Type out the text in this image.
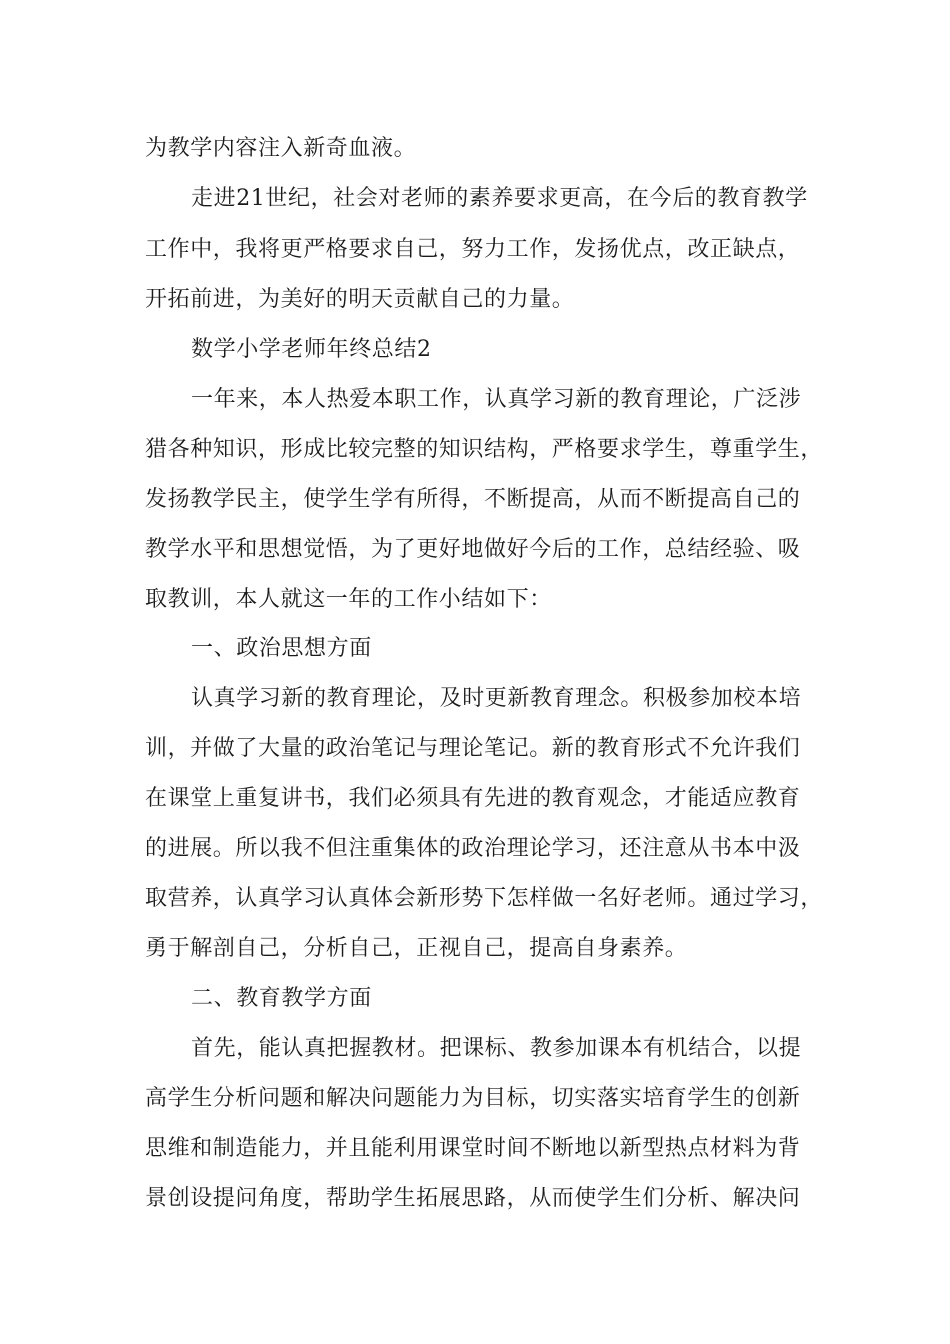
为教学内容注入新奇血液。
走进21世纪，社会对老师的素养要求更高，在今后的教育教学
工作中，我将更严格要求自己，努力工作，发扬优点，改正缺点，
开拓前进，为美好的明天贡献自己的力量。
数学小学老师年终总结2
一年来，本人热爱本职工作，认真学习新的教育理论，广泛涉
猎各种知识，形成比较完整的知识结构，严格要求学生，尊重学生，
发扬教学民主，使学生学有所得，不断提高，从而不断提高自己的
教学水平和思想觉悟，为了更好地做好今后的工作，总结经验、吸
取教训，本人就这一年的工作小结如下：
一、政治思想方面
认真学习新的教育理论，及时更新教育理念。积极参加校本培
训，并做了大量的政治笔记与理论笔记。新的教育形式不允许我们
在课堂上重复讲书，我们必须具有先进的教育观念，才能适应教育
的进展。所以我不但注重集体的政治理论学习，还注意从书本中汲
取营养，认真学习认真体会新形势下怎样做一名好老师。通过学习，
勇于解剖自己，分析自己，正视自己，提高自身素养。
二、教育教学方面
首先，能认真把握教材。把课标、教参加课本有机结合，以提
高学生分析问题和解决问题能力为目标，切实落实培育学生的创新
思维和制造能力，并且能利用课堂时间不断地以新型热点材料为背
景创设提问角度，帮助学生拓展思路，从而使学生们分析、解决问
